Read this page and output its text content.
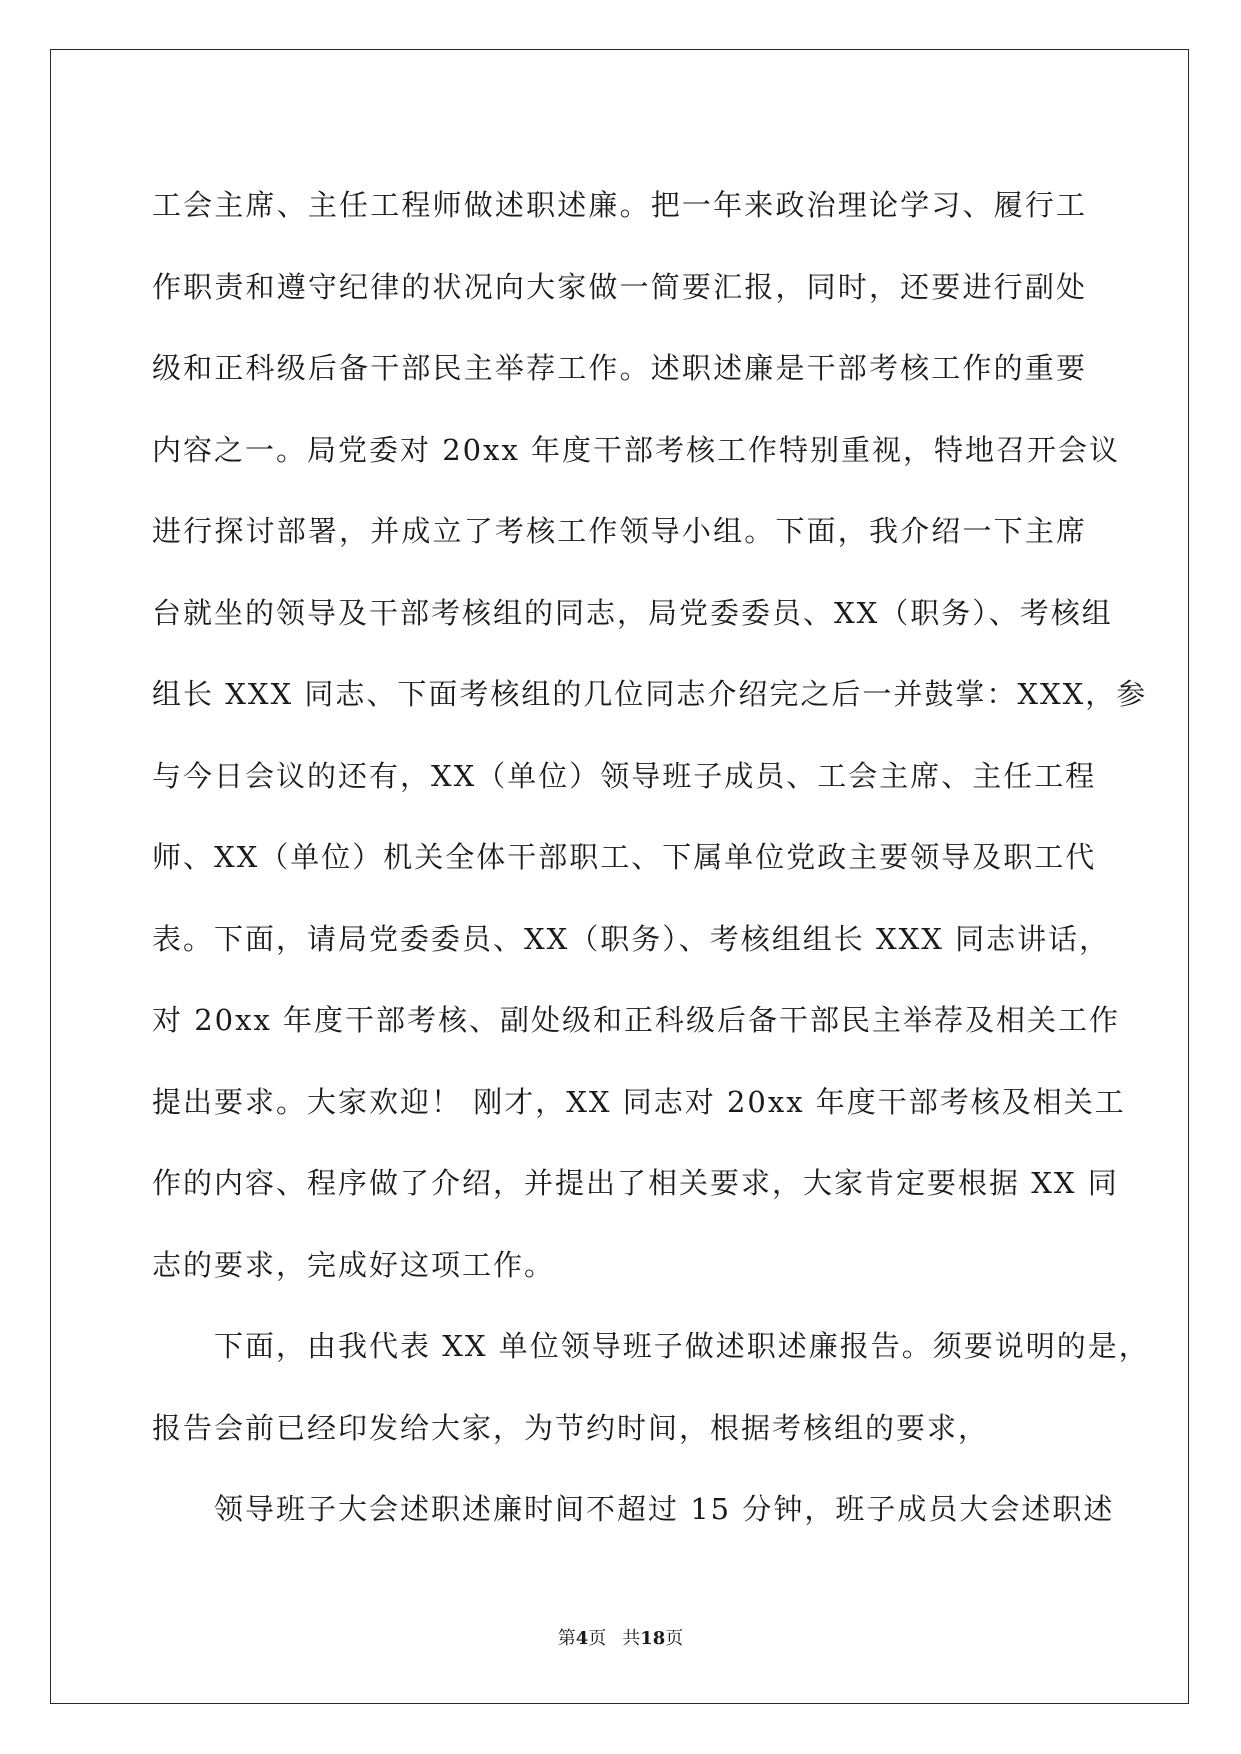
工会主席、主任工程师做述职述廉。把一年来政治理论学习、履行工
作职责和遵守纪律的状况向大家做一简要汇报，同时，还要进行副处
级和正科级后备干部民主举荐工作。述职述廉是干部考核工作的重要
内容之一。局党委对 20xx 年度干部考核工作特别重视，特地召开会议
进行探讨部署，并成立了考核工作领导小组。下面，我介绍一下主席
台就坐的领导及干部考核组的同志，局党委委员、XX（职务）、考核组
组长 XXX 同志、下面考核组的几位同志介绍完之后一并鼓掌：XXX，参
与今日会议的还有，XX（单位）领导班子成员、工会主席、主任工程
师、XX（单位）机关全体干部职工、下属单位党政主要领导及职工代
表。下面，请局党委委员、XX（职务）、考核组组长 XXX 同志讲话，
对 20xx 年度干部考核、副处级和正科级后备干部民主举荐及相关工作
提出要求。大家欢迎！ 刚才，XX 同志对 20xx 年度干部考核及相关工
作的内容、程序做了介绍，并提出了相关要求，大家肯定要根据 XX 同
志的要求，完成好这项工作。
　　下面，由我代表 XX 单位领导班子做述职述廉报告。须要说明的是，
报告会前已经印发给大家，为节约时间，根据考核组的要求，
　　领导班子大会述职述廉时间不超过 15 分钟，班子成员大会述职述
第4页 共18页
